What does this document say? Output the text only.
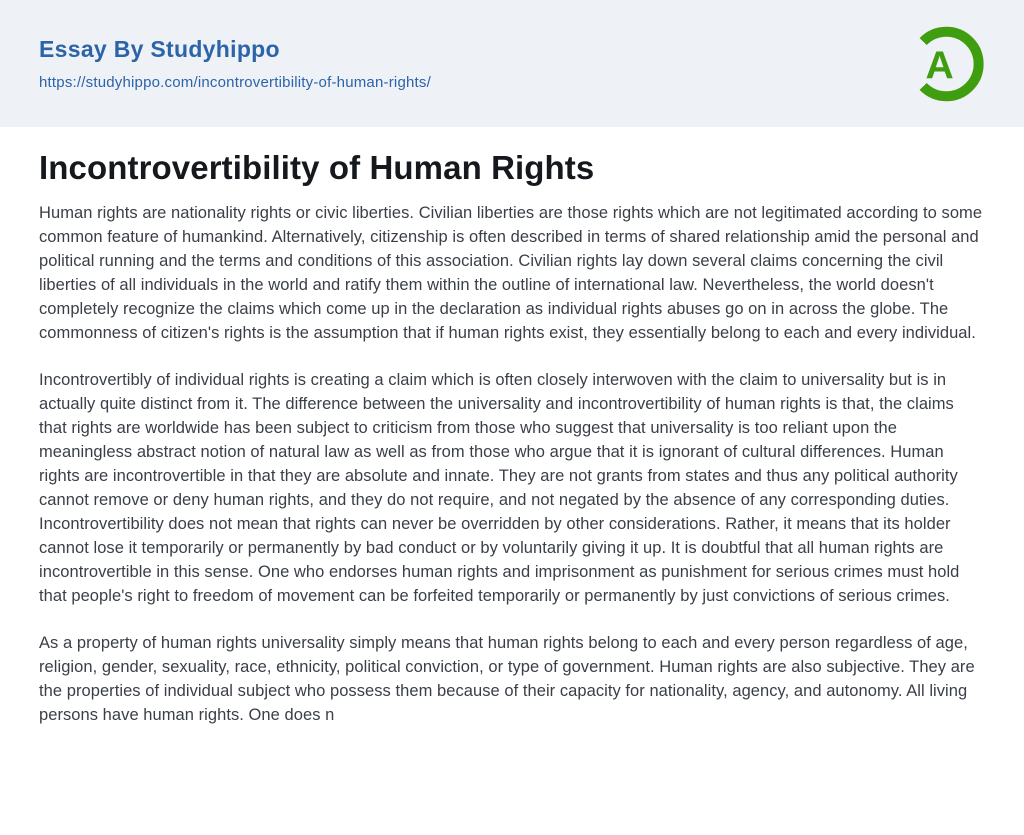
Essay By Studyhippo
https://studyhippo.com/incontrovertibility-of-human-rights/	A
Incontrovertibility of Human Rights

Human rights are nationality rights or civic liberties. Civilian liberties are those rights which are not legitimated according to some common feature of humankind. Alternatively, citizenship is often described in terms of shared relationship amid the personal and political running and the terms and conditions of this association. Civilian rights lay down several claims concerning the civil liberties of all individuals in the world and ratify them within the outline of international law. Nevertheless, the world doesn't completely recognize the claims which come up in the declaration as individual rights abuses go on in across the globe. The commonness of citizen's rights is the assumption that if human rights exist, they essentially belong to each and every individual.

Incontrovertibly of individual rights is creating a claim which is often closely interwoven with the claim to universality but is in actually quite distinct from it. The difference between the universality and incontrovertibility of human rights is that, the claims that rights are worldwide has been subject to criticism from those who suggest that universality is too reliant upon the meaningless abstract notion of natural law as well as from those who argue that it is ignorant of cultural differences. Human rights are incontrovertible in that they are absolute and innate. They are not grants from states and thus any political authority cannot remove or deny human rights, and they do not require, and not negated by the absence of any corresponding duties. Incontrovertibility does not mean that rights can never be overridden by other considerations. Rather, it means that its holder cannot lose it temporarily or permanently by bad conduct or by voluntarily giving it up. It is doubtful that all human rights are incontrovertible in this sense. One who endorses human rights and imprisonment as punishment for serious crimes must hold that people's right to freedom of movement can be forfeited temporarily or permanently by just convictions of serious crimes.

As a property of human rights universality simply means that human rights belong to each and every person regardless of age, religion, gender, sexuality, race, ethnicity, political conviction, or type of government. Human rights are also subjective. They are the properties of individual subject who possess them because of their capacity for nationality, agency, and autonomy. All living persons have human rights. One does n
